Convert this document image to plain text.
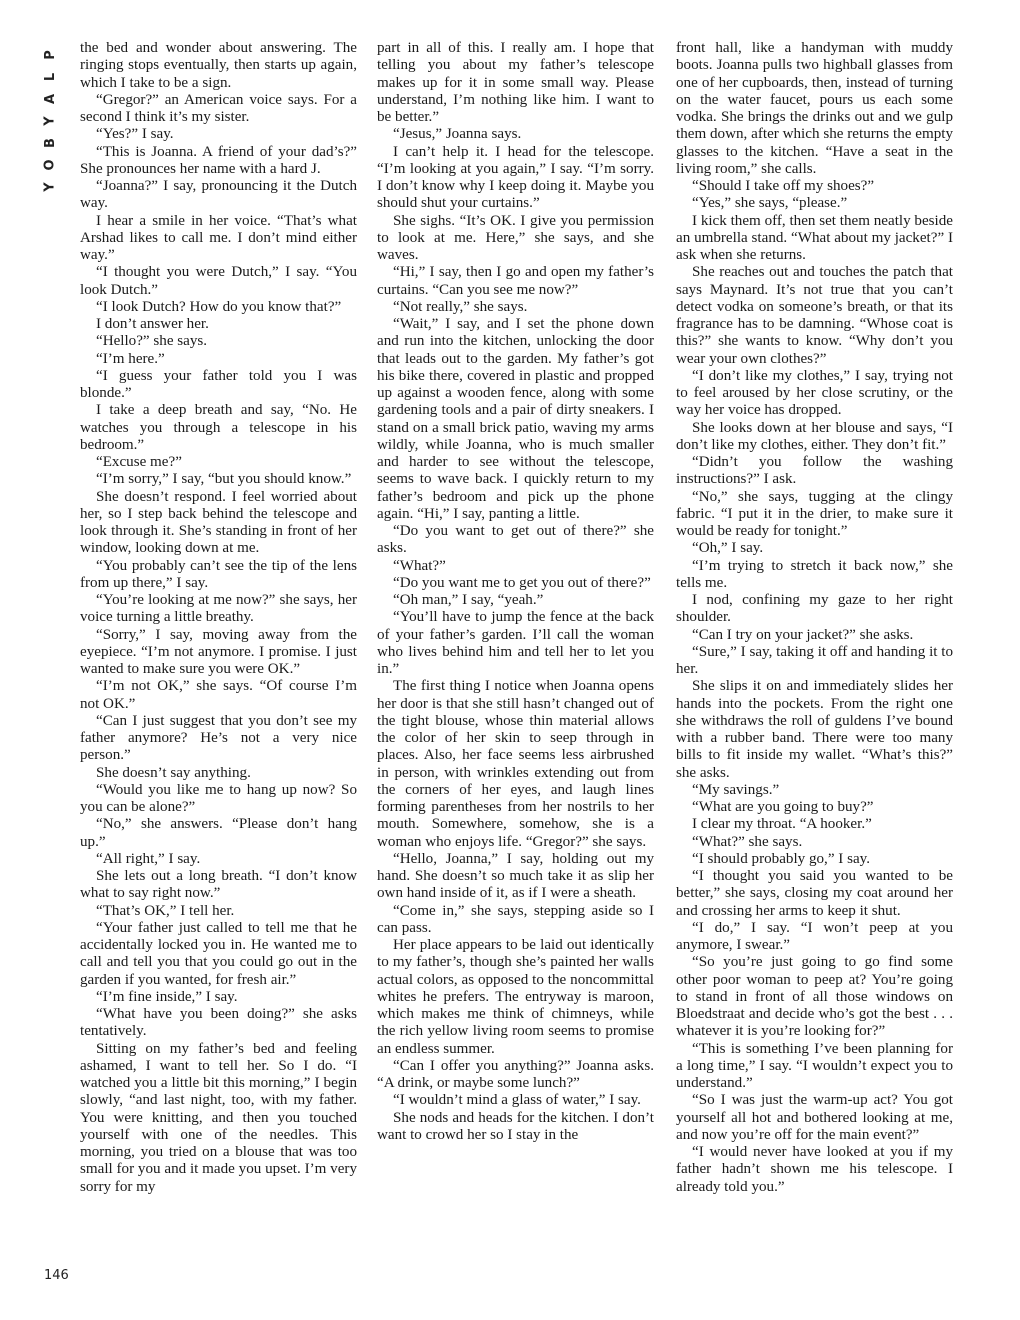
P
L
A
Y
B
O
Y

the bed and wonder about answering. The ringing stops eventually, then starts up again, which I take to be a sign.

“Gregor?” an American voice says. For a second I think it’s my sister.

“Yes?” I say.

“This is Joanna. A friend of your dad’s?” She pronounces her name with a hard J.

“Joanna?” I say, pronouncing it the Dutch way.

I hear a smile in her voice. “That’s what Arshad likes to call me. I don’t mind either way.”

“I thought you were Dutch,” I say. “You look Dutch.”

“I look Dutch? How do you know that?”

I don’t answer her.

“Hello?” she says.

“I’m here.”

“I guess your father told you I was blonde.”

I take a deep breath and say, “No. He watches you through a telescope in his bedroom.”

“Excuse me?”

“I’m sorry,” I say, “but you should know.”

She doesn’t respond. I feel worried about her, so I step back behind the telescope and look through it. She’s standing in front of her window, looking down at me.

“You probably can’t see the tip of the lens from up there,” I say.

“You’re looking at me now?” she says, her voice turning a little breathy.

“Sorry,” I say, moving away from the eyepiece. “I’m not anymore. I promise. I just wanted to make sure you were OK.”

“I’m not OK,” she says. “Of course I’m not OK.”

“Can I just suggest that you don’t see my father anymore? He’s not a very nice person.”

She doesn’t say anything.

“Would you like me to hang up now? So you can be alone?”

“No,” she answers. “Please don’t hang up.”

“All right,” I say.

She lets out a long breath. “I don’t know what to say right now.”

“That’s OK,” I tell her.

“Your father just called to tell me that he accidentally locked you in. He wanted me to call and tell you that you could go out in the garden if you wanted, for fresh air.”

“I’m fine inside,” I say.

“What have you been doing?” she asks tentatively.

Sitting on my father’s bed and feeling ashamed, I want to tell her. So I do. “I watched you a little bit this morning,” I begin slowly, “and last night, too, with my father. You were knitting, and then you touched yourself with one of the needles. This morning, you tried on a blouse that was too small for you and it made you upset. I’m very sorry for my

part in all of this. I really am. I hope that telling you about my father’s telescope makes up for it in some small way. Please understand, I’m nothing like him. I want to be better.”

“Jesus,” Joanna says.

I can’t help it. I head for the telescope. “I’m looking at you again,” I say. “I’m sorry. I don’t know why I keep doing it. Maybe you should shut your curtains.”

She sighs. “It’s OK. I give you permission to look at me. Here,” she says, and she waves.

“Hi,” I say, then I go and open my father’s curtains. “Can you see me now?”

“Not really,” she says.

“Wait,” I say, and I set the phone down and run into the kitchen, unlocking the door that leads out to the garden. My father’s got his bike there, covered in plastic and propped up against a wooden fence, along with some gardening tools and a pair of dirty sneakers. I stand on a small brick patio, waving my arms wildly, while Joanna, who is much smaller and harder to see without the telescope, seems to wave back. I quickly return to my father’s bedroom and pick up the phone again. “Hi,” I say, panting a little.

“Do you want to get out of there?” she asks.

“What?”

“Do you want me to get you out of there?”

“Oh man,” I say, “yeah.”

“You’ll have to jump the fence at the back of your father’s garden. I’ll call the woman who lives behind him and tell her to let you in.”

The first thing I notice when Joanna opens her door is that she still hasn’t changed out of the tight blouse, whose thin material allows the color of her skin to seep through in places. Also, her face seems less airbrushed in person, with wrinkles extending out from the corners of her eyes, and laugh lines forming parentheses from her nostrils to her mouth. Somewhere, somehow, she is a woman who enjoys life. “Gregor?” she says.

“Hello, Joanna,” I say, holding out my hand. She doesn’t so much take it as slip her own hand inside of it, as if I were a sheath.

“Come in,” she says, stepping aside so I can pass.

Her place appears to be laid out identically to my father’s, though she’s painted her walls actual colors, as opposed to the noncommittal whites he prefers. The entryway is maroon, which makes me think of chimneys, while the rich yellow living room seems to promise an endless summer.

“Can I offer you anything?” Joanna asks. “A drink, or maybe some lunch?”

“I wouldn’t mind a glass of water,” I say.

She nods and heads for the kitchen. I don’t want to crowd her so I stay in the

front hall, like a handyman with muddy boots. Joanna pulls two highball glasses from one of her cupboards, then, instead of turning on the water faucet, pours us each some vodka. She brings the drinks out and we gulp them down, after which she returns the empty glasses to the kitchen. “Have a seat in the living room,” she calls.

“Should I take off my shoes?”

“Yes,” she says, “please.”

I kick them off, then set them neatly beside an umbrella stand. “What about my jacket?” I ask when she returns.

She reaches out and touches the patch that says Maynard. It’s not true that you can’t detect vodka on someone’s breath, or that its fragrance has to be damning. “Whose coat is this?” she wants to know. “Why don’t you wear your own clothes?”

“I don’t like my clothes,” I say, trying not to feel aroused by her close scrutiny, or the way her voice has dropped.

She looks down at her blouse and says, “I don’t like my clothes, either. They don’t fit.”

“Didn’t you follow the washing instructions?” I ask.

“No,” she says, tugging at the clingy fabric. “I put it in the drier, to make sure it would be ready for tonight.”

“Oh,” I say.

“I’m trying to stretch it back now,” she tells me.

I nod, confining my gaze to her right shoulder.

“Can I try on your jacket?” she asks.

“Sure,” I say, taking it off and handing it to her.

She slips it on and immediately slides her hands into the pockets. From the right one she withdraws the roll of guldens I’ve bound with a rubber band. There were too many bills to fit inside my wallet. “What’s this?” she asks.

“My savings.”

“What are you going to buy?”

I clear my throat. “A hooker.”

“What?” she says.

“I should probably go,” I say.

“I thought you said you wanted to be better,” she says, closing my coat around her and crossing her arms to keep it shut.

“I do,” I say. “I won’t peep at you anymore, I swear.”

“So you’re just going to go find some other poor woman to peep at? You’re going to stand in front of all those windows on Bloedstraat and decide who’s got the best . . . whatever it is you’re looking for?”

“This is something I’ve been planning for a long time,” I say. “I wouldn’t expect you to understand.”

“So I was just the warm-up act? You got yourself all hot and bothered looking at me, and now you’re off for the main event?”

“I would never have looked at you if my father hadn’t shown me his telescope. I already told you.”

146
